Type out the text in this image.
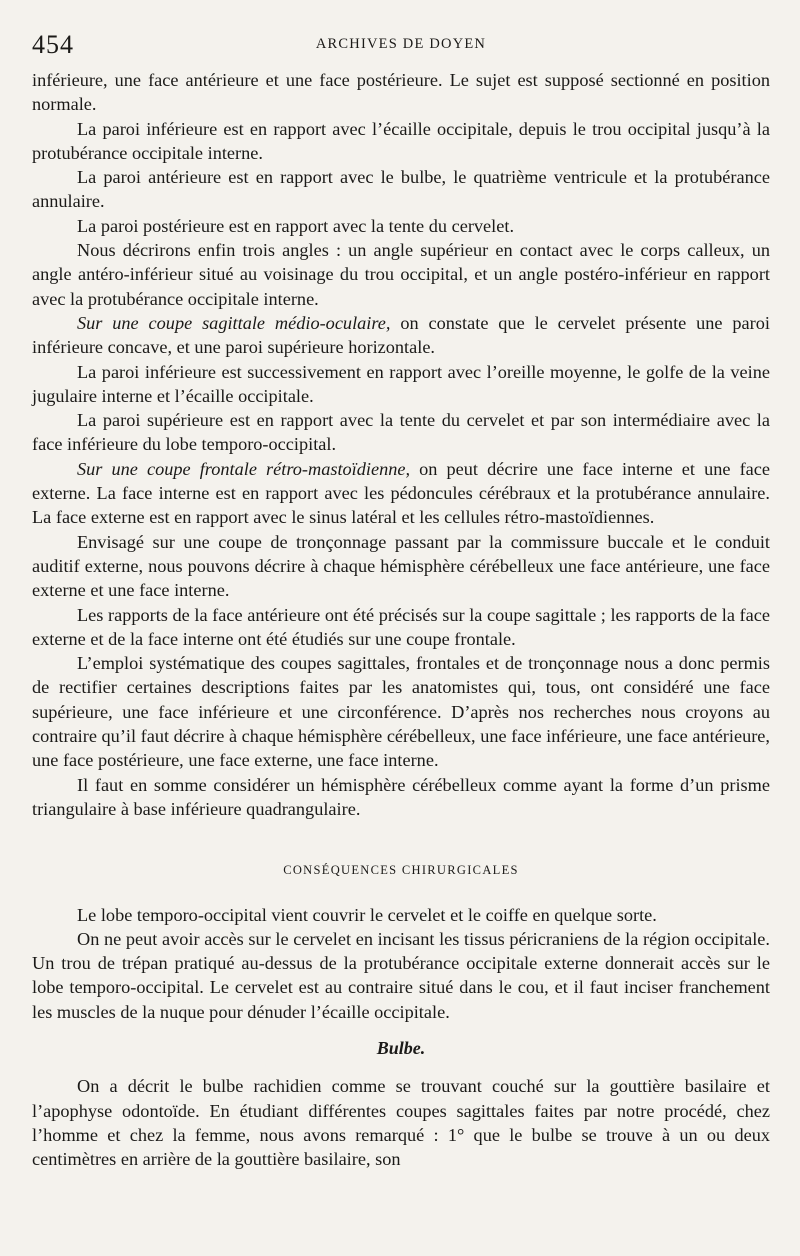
454	ARCHIVES DE DOYEN

inférieure, une face antérieure et une face postérieure. Le sujet est supposé sectionné en position normale.

La paroi inférieure est en rapport avec l’écaille occipitale, depuis le trou occipital jusqu’à la protubérance occipitale interne.

La paroi antérieure est en rapport avec le bulbe, le quatrième ventricule et la protubérance annulaire.

La paroi postérieure est en rapport avec la tente du cervelet.

Nous décrirons enfin trois angles : un angle supérieur en contact avec le corps calleux, un angle antéro-inférieur situé au voisinage du trou occipital, et un angle postéro-inférieur en rapport avec la protubérance occipitale interne.

Sur une coupe sagittale médio-oculaire, on constate que le cervelet présente une paroi inférieure concave, et une paroi supérieure horizontale.

La paroi inférieure est successivement en rapport avec l’oreille moyenne, le golfe de la veine jugulaire interne et l’écaille occipitale.

La paroi supérieure est en rapport avec la tente du cervelet et par son intermédiaire avec la face inférieure du lobe temporo-occipital.

Sur une coupe frontale rétro-mastoïdienne, on peut décrire une face interne et une face externe. La face interne est en rapport avec les pédoncules cérébraux et la protubérance annulaire. La face externe est en rapport avec le sinus latéral et les cellules rétro-mastoïdiennes.

Envisagé sur une coupe de tronçonnage passant par la commissure buccale et le conduit auditif externe, nous pouvons décrire à chaque hémisphère cérébelleux une face antérieure, une face externe et une face interne.

Les rapports de la face antérieure ont été précisés sur la coupe sagittale ; les rapports de la face externe et de la face interne ont été étudiés sur une coupe frontale.

L’emploi systématique des coupes sagittales, frontales et de tronçonnage nous a donc permis de rectifier certaines descriptions faites par les anatomistes qui, tous, ont considéré une face supérieure, une face inférieure et une circonférence. D’après nos recherches nous croyons au contraire qu’il faut décrire à chaque hémisphère cérébelleux, une face inférieure, une face antérieure, une face postérieure, une face externe, une face interne.

Il faut en somme considérer un hémisphère cérébelleux comme ayant la forme d’un prisme triangulaire à base inférieure quadrangulaire.

CONSÉQUENCES CHIRURGICALES

Le lobe temporo-occipital vient couvrir le cervelet et le coiffe en quelque sorte.

On ne peut avoir accès sur le cervelet en incisant les tissus péricraniens de la région occipitale. Un trou de trépan pratiqué au-dessus de la protubérance occipitale externe donnerait accès sur le lobe temporo-occipital. Le cervelet est au contraire situé dans le cou, et il faut inciser franchement les muscles de la nuque pour dénuder l’écaille occipitale.

Bulbe.

On a décrit le bulbe rachidien comme se trouvant couché sur la gouttière basilaire et l’apophyse odontoïde. En étudiant différentes coupes sagittales faites par notre procédé, chez l’homme et chez la femme, nous avons remarqué : 1° que le bulbe se trouve à un ou deux centimètres en arrière de la gouttière basilaire, son
